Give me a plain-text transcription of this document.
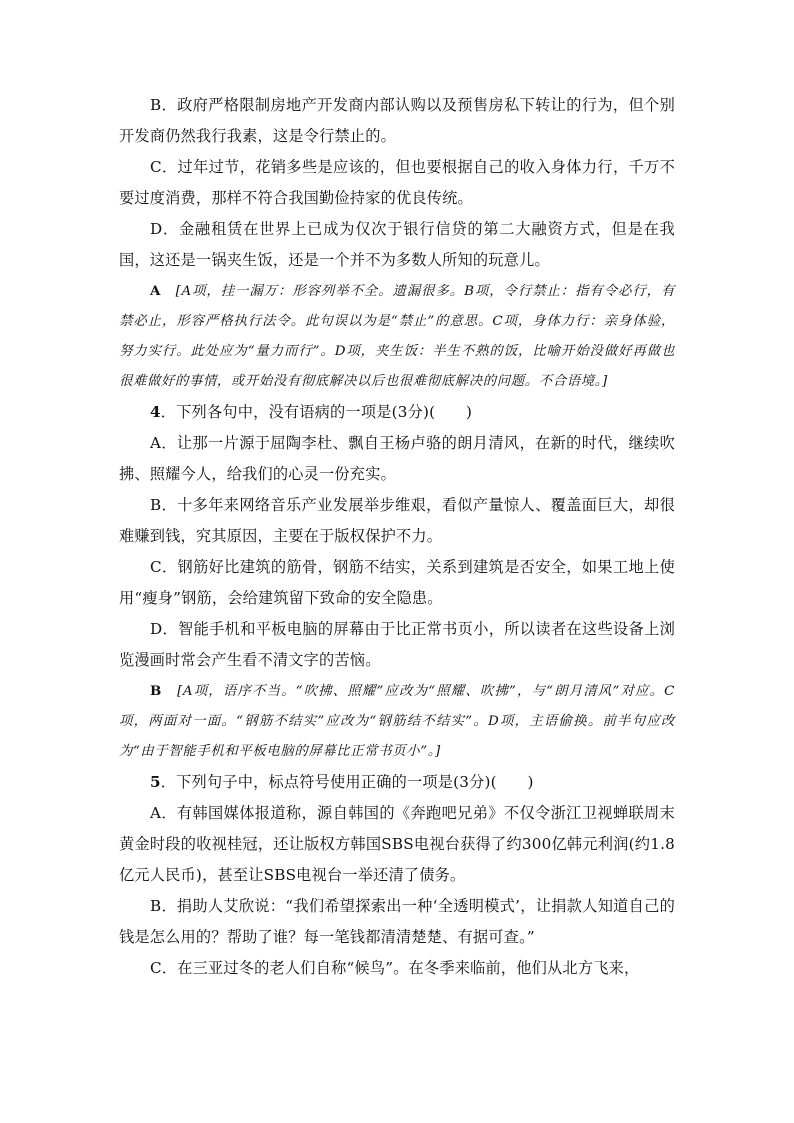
B．政府严格限制房地产开发商内部认购以及预售房私下转让的行为，但个别开发商仍然我行我素，这是令行禁止的。

C．过年过节，花销多些是应该的，但也要根据自己的收入身体力行，千万不要过度消费，那样不符合我国勤俭持家的优良传统。

D．金融租赁在世界上已成为仅次于银行信贷的第二大融资方式，但是在我国，这还是一锅夹生饭，还是一个并不为多数人所知的玩意儿。

A　 [A项，挂一漏万：形容列举不全。遗漏很多。B项，令行禁止：指有令必行，有禁必止，形容严格执行法令。此句误以为是“禁止”的意思。C项，身体力行：亲身体验，努力实行。此处应为“量力而行”。D项，夹生饭：半生不熟的饭，比喻开始没做好再做也很难做好的事情，或开始没有彻底解决以后也很难彻底解决的问题。不合语境。]

4．下列各句中，没有语病的一项是(3分)(　　)

A．让那一片源于屈陶李杜、飘自王杨卢骆的朗月清风，在新的时代，继续吹拂、照耀今人，给我们的心灵一份充实。

B．十多年来网络音乐产业发展举步维艰，看似产量惊人、覆盖面巨大，却很难赚到钱，究其原因，主要在于版权保护不力。

C．钢筋好比建筑的筋骨，钢筋不结实，关系到建筑是否安全，如果工地上使用“瘦身”钢筋，会给建筑留下致命的安全隐患。

D．智能手机和平板电脑的屏幕由于比正常书页小，所以读者在这些设备上浏览漫画时常会产生看不清文字的苦恼。

B　 [A项，语序不当。“吹拂、照耀”应改为“照耀、吹拂”，与“朗月清风”对应。C项，两面对一面。“钢筋不结实”应改为“钢筋结不结实”。D项，主语偷换。前半句应改为“由于智能手机和平板电脑的屏幕比正常书页小”。]

5．下列句子中，标点符号使用正确的一项是(3分)(　　)

A．有韩国媒体报道称，源自韩国的《奔跑吧兄弟》不仅令浙江卫视蝉联周末黄金时段的收视桂冠，还让版权方韩国SBS电视台获得了约300亿韩元利润(约1.8亿元人民币)，甚至让SBS电视台一举还清了债务。

B．捐助人艾欣说：“我们希望探索出一种‘全透明模式’，让捐款人知道自己的钱是怎么用的？帮助了谁？每一笔钱都清清楚楚、有据可查。”

C．在三亚过冬的老人们自称“候鸟”。在冬季来临前，他们从北方飞来，
